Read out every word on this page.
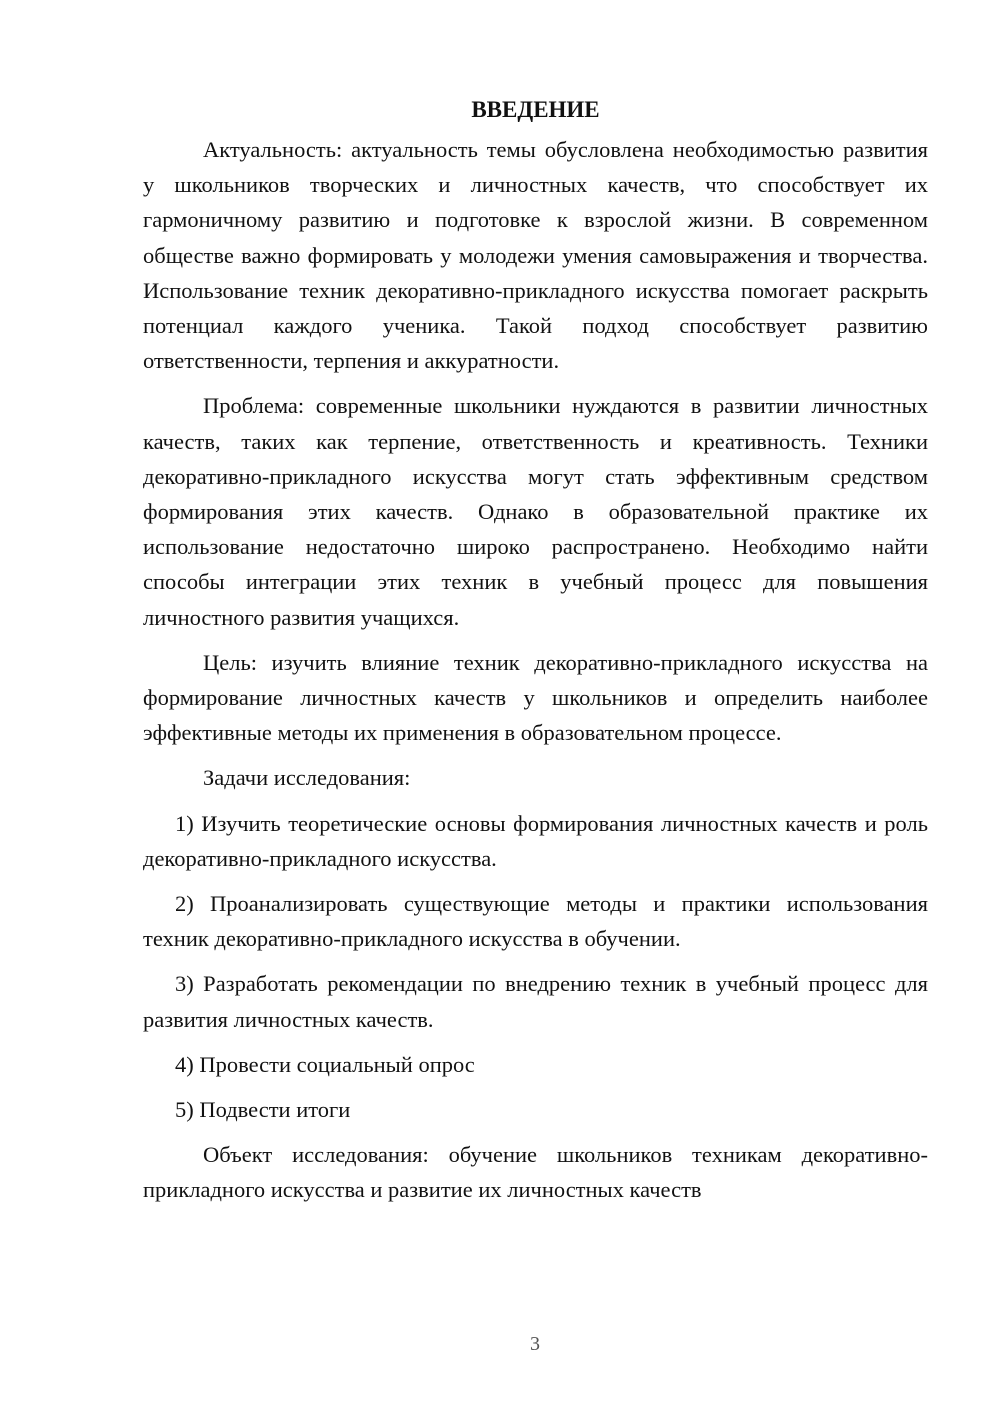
ВВЕДЕНИЕ

Актуальность: актуальность темы обусловлена необходимостью развития у школьников творческих и личностных качеств, что способствует их гармоничному развитию и подготовке к взрослой жизни. В современном обществе важно формировать у молодежи умения самовыражения и творчества. Использование техник декоративно-прикладного искусства помогает раскрыть потенциал каждого ученика. Такой подход способствует развитию ответственности, терпения и аккуратности.

Проблема: современные школьники нуждаются в развитии личностных качеств, таких как терпение, ответственность и креативность. Техники декоративно-прикладного искусства могут стать эффективным средством формирования этих качеств. Однако в образовательной практике их использование недостаточно широко распространено. Необходимо найти способы интеграции этих техник в учебный процесс для повышения личностного развития учащихся.

Цель: изучить влияние техник декоративно-прикладного искусства на формирование личностных качеств у школьников и определить наиболее эффективные методы их применения в образовательном процессе.

Задачи исследования:

1) Изучить теоретические основы формирования личностных качеств и роль декоративно-прикладного искусства.

2) Проанализировать существующие методы и практики использования техник декоративно-прикладного искусства в обучении.

3) Разработать рекомендации по внедрению техник в учебный процесс для развития личностных качеств.

4) Провести социальный опрос

5) Подвести итоги

Объект исследования: обучение школьников техникам декоративно-прикладного искусства и развитие их личностных качеств

3
